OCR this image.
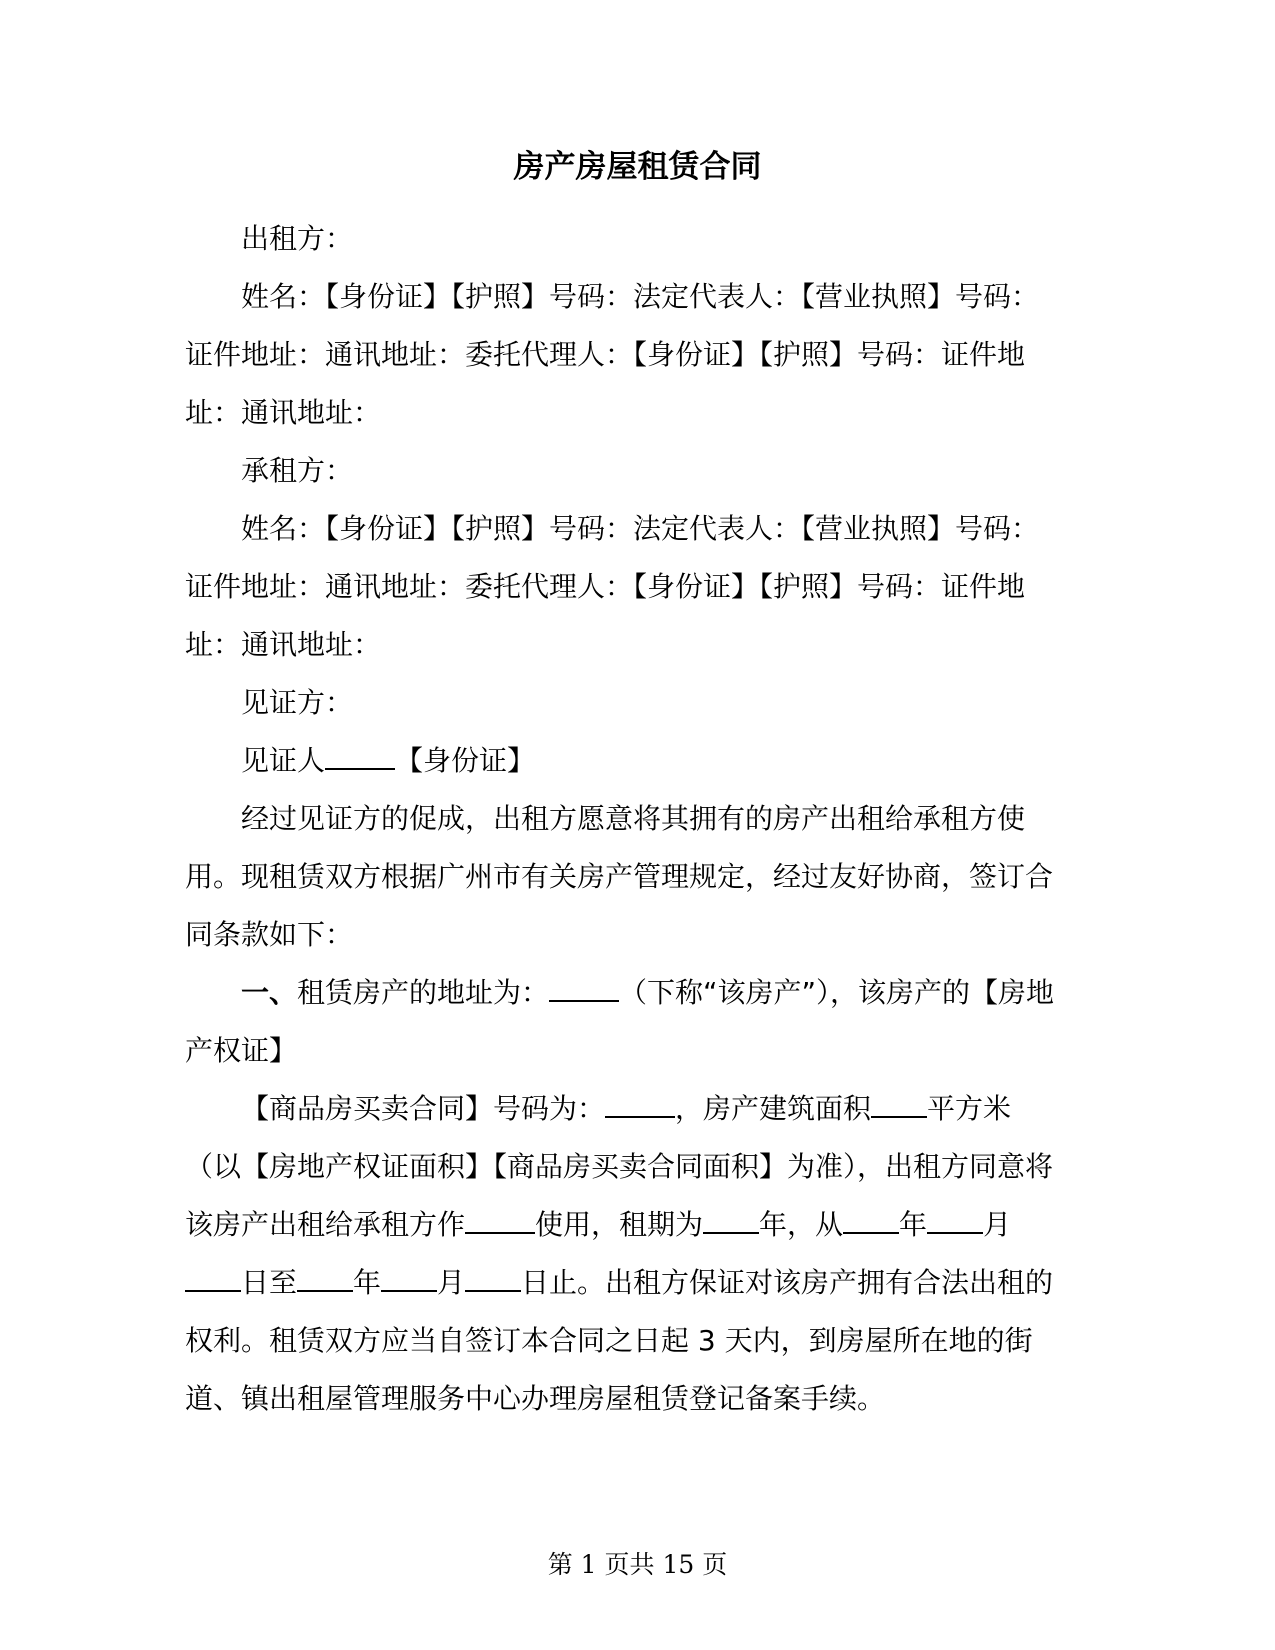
房产房屋租赁合同

出租方：

姓名：【身份证】【护照】号码：法定代表人：【营业执照】号码：证件地址：通讯地址：委托代理人：【身份证】【护照】号码：证件地址：通讯地址：

承租方：

姓名：【身份证】【护照】号码：法定代表人：【营业执照】号码：证件地址：通讯地址：委托代理人：【身份证】【护照】号码：证件地址：通讯地址：

见证方：

见证人	【身份证】

经过见证方的促成，出租方愿意将其拥有的房产出租给承租方使用。现租赁双方根据广州市有关房产管理规定，经过友好协商，签订合同条款如下：

一、租赁房产的地址为：	（下称“该房产”），该房产的【房地产权证】

【商品房买卖合同】号码为：	，房产建筑面积 平方米（以【房地产权证面积】【商品房买卖合同面积】为准），出租方同意将该房产出租给承租方作	使用，租期为 年，从 年 月日至 年 月 日止。出租方保证对该房产拥有合法出租的权利。租赁双方应当自签订本合同之日起 3 天内，到房屋所在地的街道、镇出租屋管理服务中心办理房屋租赁登记备案手续。

第 1 页共 15 页
